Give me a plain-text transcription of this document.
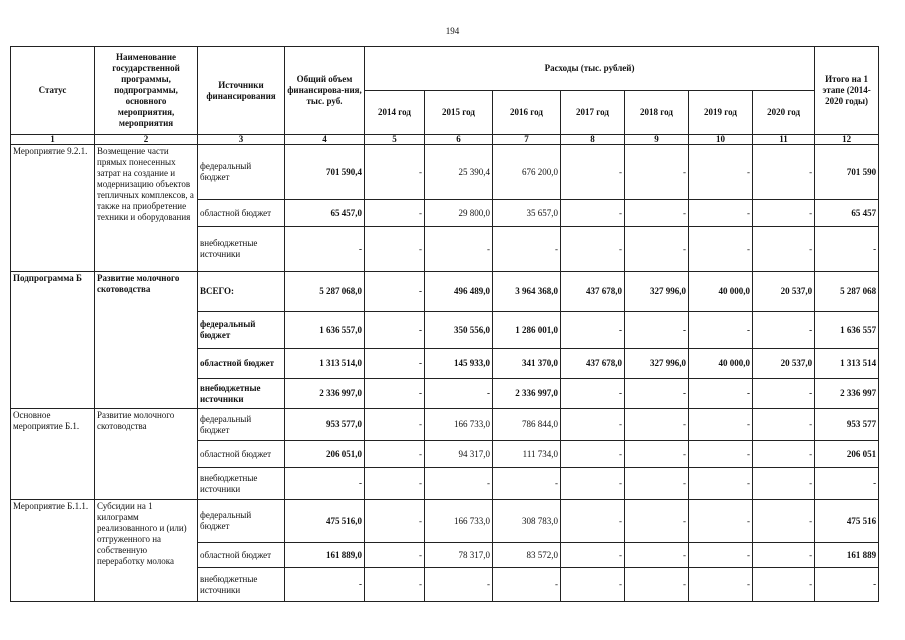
194
Статус	Наименование государственной программы, подпрограммы, основного мероприятия, мероприятия	Источники финансирования	Общий объем финансирова-ния, тыс. руб.	Расходы (тыс. рублей)							Итого на 1 этапе (2014-2020 годы)
				2014 год	2015 год	2016 год	2017 год	2018 год	2019 год	2020 год	
1	2	3	4	5	6	7	8	9	10	11	12
Мероприятие 9.2.1.	Возмещение части прямых понесенных затрат на создание и модернизацию объектов тепличных комплексов, а также на приобретение техники и оборудования	федеральный бюджет	701 590,4	-	25 390,4	676 200,0	-	-	-	-	701 590
		областной бюджет	65 457,0	-	29 800,0	35 657,0	-	-	-	-	65 457
		внебюджетные источники	-	-	-	-	-	-	-	-	-
Подпрограмма Б	Развитие молочного скотоводства	ВСЕГО:	5 287 068,0	-	496 489,0	3 964 368,0	437 678,0	327 996,0	40 000,0	20 537,0	5 287 068
		федеральный бюджет	1 636 557,0	-	350 556,0	1 286 001,0	-	-	-	-	1 636 557
		областной бюджет	1 313 514,0	-	145 933,0	341 370,0	437 678,0	327 996,0	40 000,0	20 537,0	1 313 514
		внебюджетные источники	2 336 997,0	-	-	2 336 997,0	-	-	-	-	2 336 997
Основное мероприятие Б.1.	Развитие молочного скотоводства	федеральный бюджет	953 577,0	-	166 733,0	786 844,0	-	-	-	-	953 577
		областной бюджет	206 051,0	-	94 317,0	111 734,0	-	-	-	-	206 051
		внебюджетные источники	-	-	-	-	-	-	-	-	-
Мероприятие Б.1.1.	Субсидии на 1 килограмм реализованного и (или) отгруженного на собственную переработку молока	федеральный бюджет	475 516,0	-	166 733,0	308 783,0	-	-	-	-	475 516
		областной бюджет	161 889,0	-	78 317,0	83 572,0	-	-	-	-	161 889
		внебюджетные источники	-	-	-	-	-	-	-	-	-
